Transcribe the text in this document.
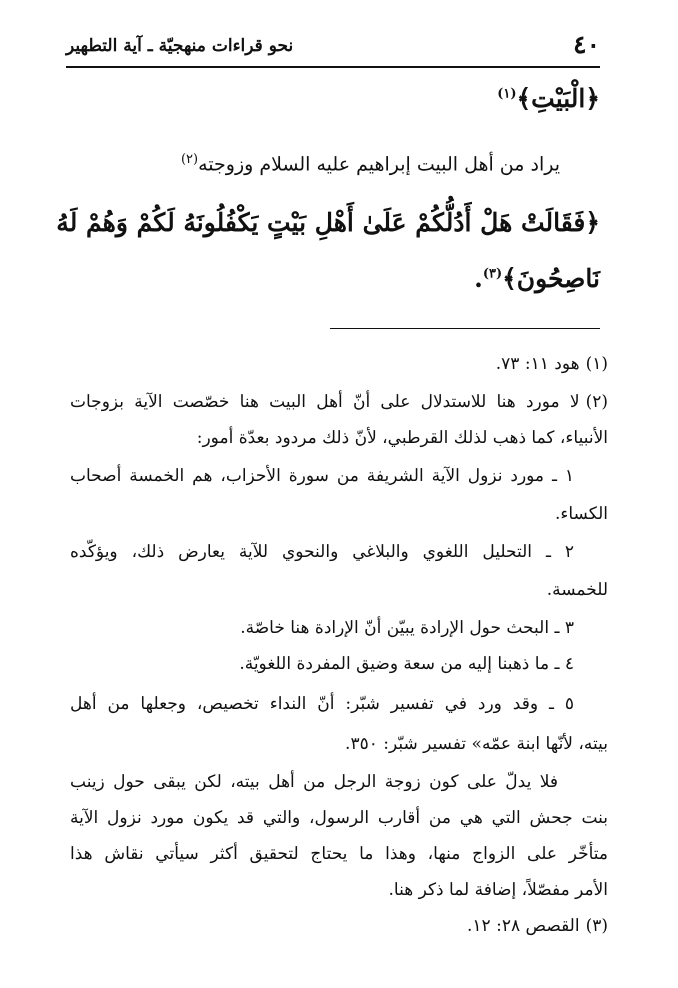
٤٠
نحو قراءات منهجيّة ـ آية التطهير
﴿الْبَيْتِ﴾$^{(١)}$
يراد من أهل البيت إبراهيم عليه السلام وزوجته$^{(٢)}$
﴿فَقَالَتْ هَلْ أَدُلُّكُمْ عَلَىٰ أَهْلِ بَيْتٍ يَكْفُلُونَهُ لَكُمْ وَهُمْ لَهُ
نَاصِحُونَ﴾$^{(٣)}$.
(١)هود ١١: ٧٣.
(٢)لا مورد هنا للاستدلال على أنّ أهل البيت هنا خصّصت الآية بزوجات
الأنبياء، كما ذهب لذلك القرطبي، لأنّ ذلك مردود بعدّة أمور:
١ ـ مورد نزول الآية الشريفة من سورة الأحزاب، هم الخمسة أصحاب
الكساء.
٢ ـ التحليل اللغوي والبلاغي والنحوي للآية يعارض ذلك، ويؤكّده
للخمسة.
٣ ـ البحث حول الإرادة يبيّن أنّ الإرادة هنا خاصّة.
٤ ـ ما ذهبنا إليه من سعة وضيق المفردة اللغويّة.
٥ ـ وقد ورد في تفسير شبّر: أنّ النداء تخصيص، وجعلها من أهل
بيته، لأنّها ابنة عمّه» تفسير شبّر: ٣٥٠.
فلا يدلّ على كون زوجة الرجل من أهل بيته، لكن يبقى حول زينب
بنت جحش التي هي من أقارب الرسول، والتي قد يكون مورد نزول الآية
متأخّر على الزواج منها، وهذا ما يحتاج لتحقيق أكثر سيأتي نقاش هذا
الأمر مفصّلاً، إضافة لما ذكر هنا.
(٣)القصص ٢٨: ١٢.
